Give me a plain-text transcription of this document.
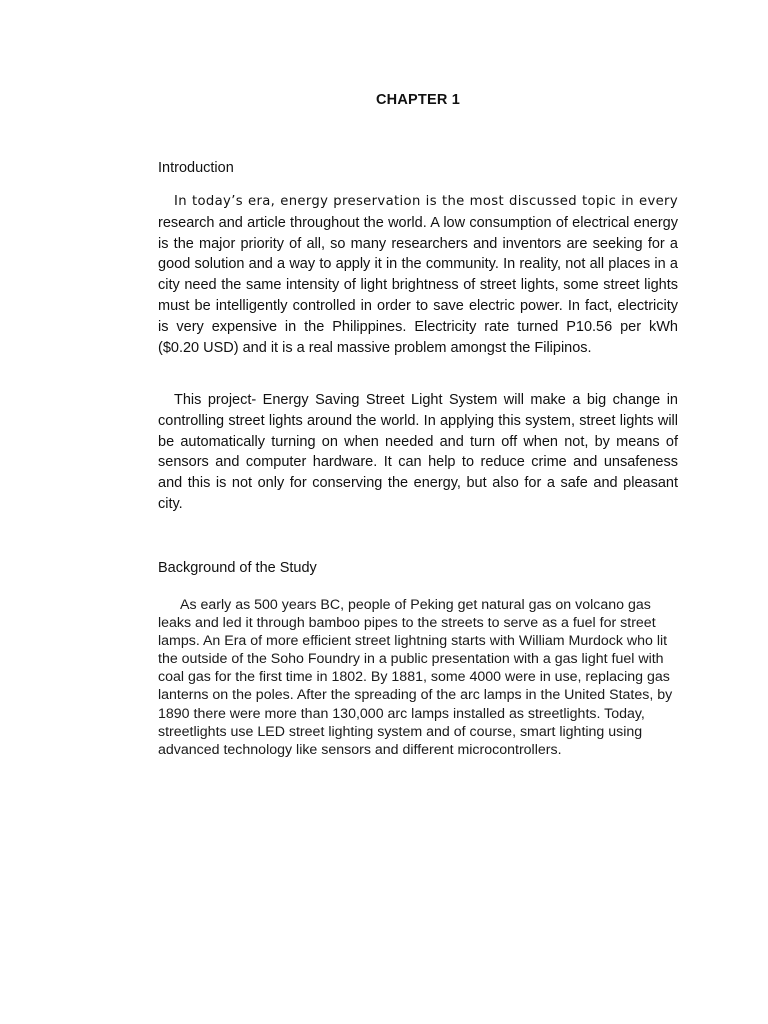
CHAPTER 1
Introduction

In today’s era, energy preservation is the most discussed topic in every research and article throughout the world. A low consumption of electrical energy is the major priority of all, so many researchers and inventors are seeking for a good solution and a way to apply it in the community. In reality, not all places in a city need the same intensity of light brightness of street lights, some street lights must be intelligently controlled in order to save electric power. In fact, electricity is very expensive in the Philippines. Electricity rate turned P10.56 per kWh ($0.20 USD) and it is a real massive problem amongst the Filipinos.

This project- Energy Saving Street Light System will make a big change in controlling street lights around the world. In applying this system, street lights will be automatically turning on when needed and turn off when not, by means of sensors and computer hardware. It can help to reduce crime and unsafeness and this is not only for conserving the energy, but also for a safe and pleasant city.

Background of the Study

As early as 500 years BC, people of Peking get natural gas on volcano gas leaks and led it through bamboo pipes to the streets to serve as a fuel for street lamps. An Era of more efficient street lightning starts with William Murdock who lit the outside of the Soho Foundry in a public presentation with a gas light fuel with coal gas for the first time in 1802. By 1881, some 4000 were in use, replacing gas lanterns on the poles. After the spreading of the arc lamps in the United States, by 1890 there were more than 130,000 arc lamps installed as streetlights. Today, streetlights use LED street lighting system and of course, smart lighting using advanced technology like sensors and different microcontrollers.
